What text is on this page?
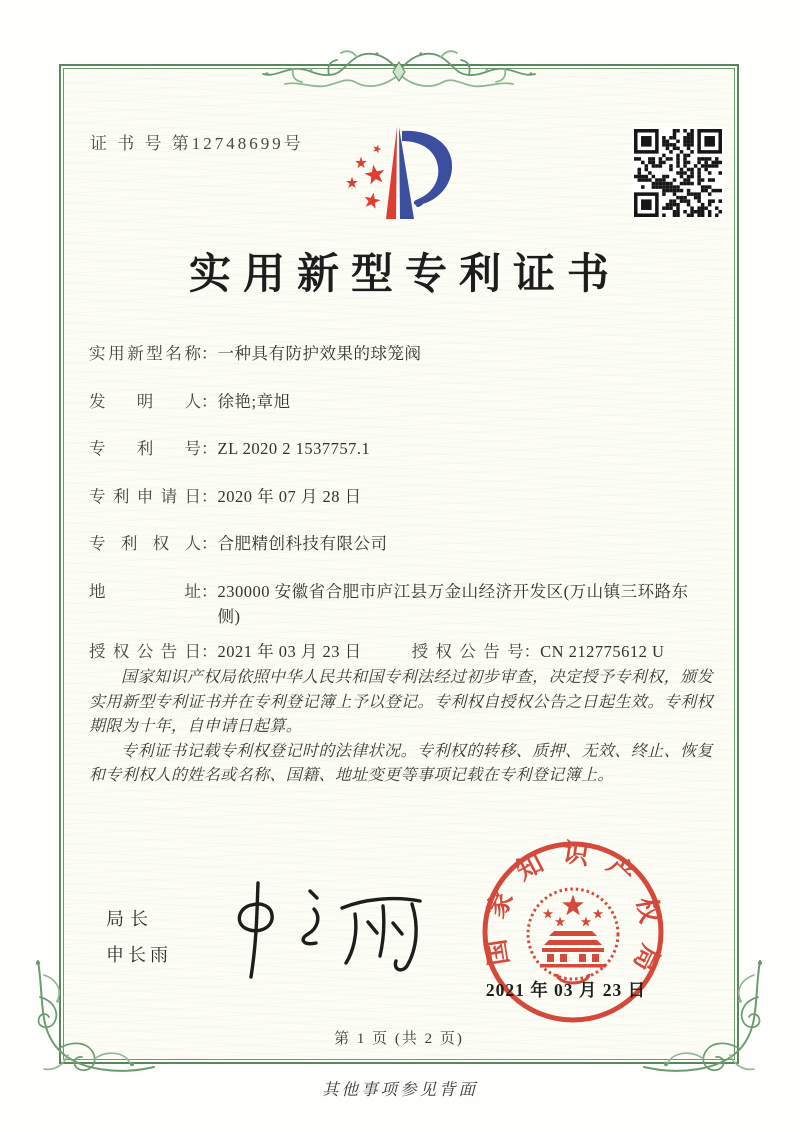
证 书 号 第12748699号
实用新型专利证书
实用新型名称 ： 一种具有防护效果的球笼阀
发明人 ： 徐艳;章旭
专利号 ： ZL 2020 2 1537757.1
专利申请日 ： 2020 年 07 月 28 日
专利权人 ： 合肥精创科技有限公司
地址 ： 230000 安徽省合肥市庐江县万金山经济开发区(万山镇三环路东侧)
授权公告日 ： 2021 年 03 月 23 日	授权公告号 ： CN 212775612 U

国家知识产权局依照中华人民共和国专利法经过初步审查，决定授予专利权，颁发实用新型专利证书并在专利登记簿上予以登记。专利权自授权公告之日起生效。专利权期限为十年，自申请日起算。

专利证书记载专利权登记时的法律状况。专利权的转移、质押、无效、终止、恢复和专利权人的姓名或名称、国籍、地址变更等事项记载在专利登记簿上。

局长
申长雨	国家知识产权局
2021 年 03 月 23 日
第 1 页 (共 2 页)
其他事项参见背面
